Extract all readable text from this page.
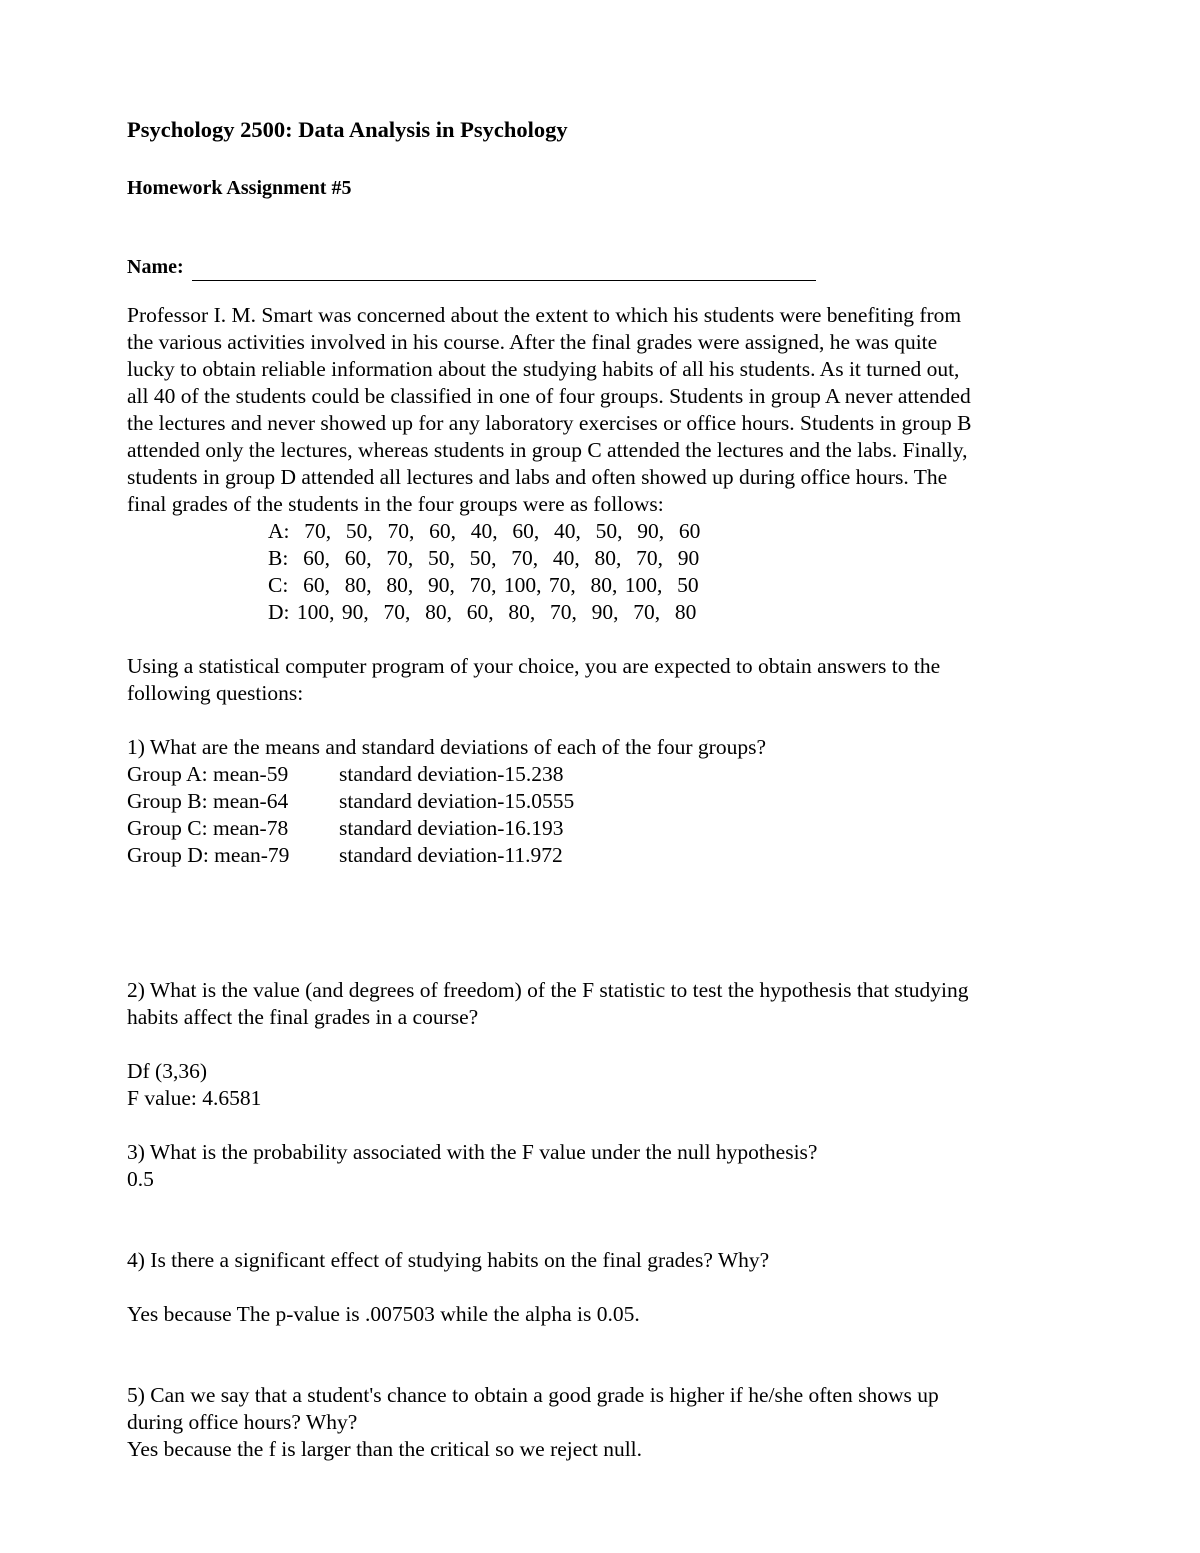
Psychology 2500: Data Analysis in Psychology
Homework Assignment #5
Name:
Professor I. M. Smart was concerned about the extent to which his students were benefiting from
the various activities involved in his course. After the final grades were assigned, he was quite
lucky to obtain reliable information about the studying habits of all his students. As it turned out,
all 40 of the students could be classified in one of four groups. Students in group A never attended
the lectures and never showed up for any laboratory exercises or office hours. Students in group B
attended only the lectures, whereas students in group C attended the lectures and the labs. Finally,
students in group D attended all lectures and labs and often showed up during office hours. The
final grades of the students in the four groups were as follows:
A:  70,  50,  70,  60,  40,  60,  40,  50,  90,  60
B:  60,  60,  70,  50,  50,  70,  40,  80,  70,  90
C:  60,  80,  80,  90,  70, 100, 70,  80, 100,  50
D: 100, 90,  70,  80,  60,  80,  70,  90,  70,  80
Using a statistical computer program of your choice, you are expected to obtain answers to the
following questions:
1) What are the means and standard deviations of each of the four groups?
Group A: mean-59	standard deviation-15.238
Group B: mean-64	standard deviation-15.0555
Group C: mean-78	standard deviation-16.193
Group D: mean-79	standard deviation-11.972
2) What is the value (and degrees of freedom) of the F statistic to test the hypothesis that studying
habits affect the final grades in a course?
Df (3,36)
F value: 4.6581
3) What is the probability associated with the F value under the null hypothesis?
0.5
4) Is there a significant effect of studying habits on the final grades? Why?
Yes because The p-value is .007503 while the alpha is 0.05.
5) Can we say that a student's chance to obtain a good grade is higher if he/she often shows up
during office hours? Why?
Yes because the f is larger than the critical so we reject null.
